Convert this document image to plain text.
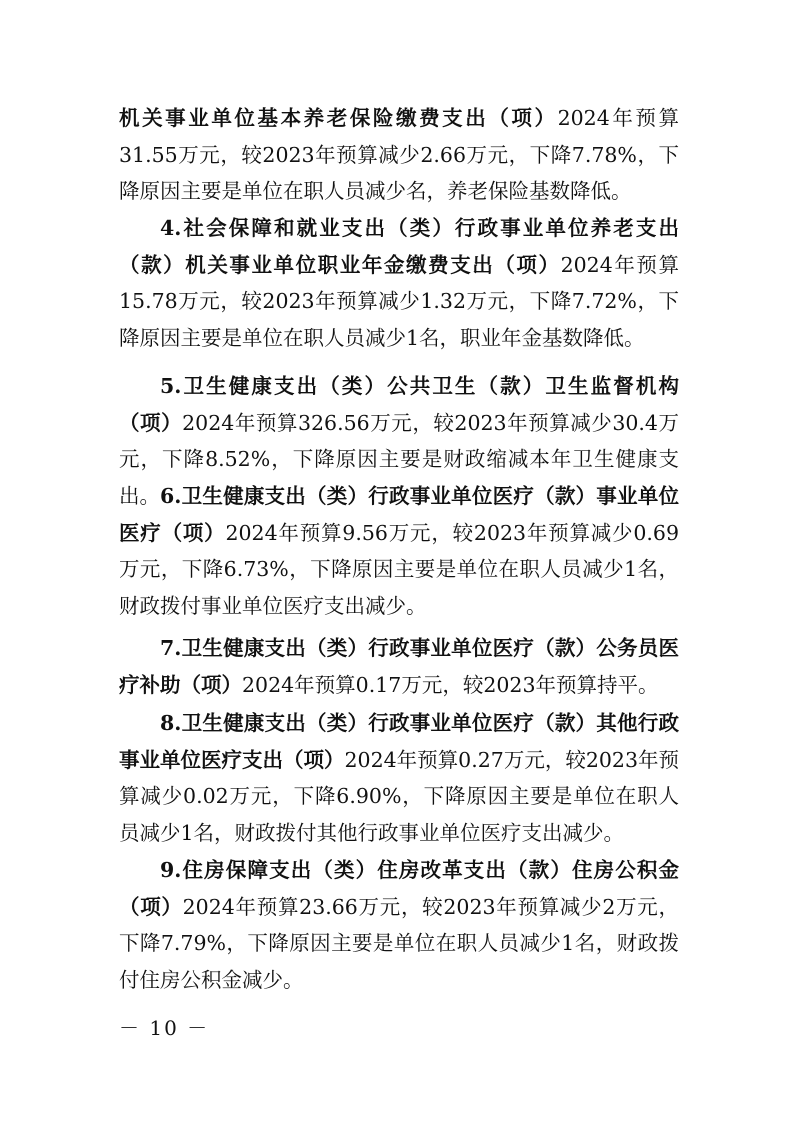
机关事业单位基本养老保险缴费支出（项）2024年预算31.55万元，较2023年预算减少2.66万元，下降7.78%，下降原因主要是单位在职人员减少名，养老保险基数降低。

4.社会保障和就业支出（类）行政事业单位养老支出（款）机关事业单位职业年金缴费支出（项）2024年预算15.78万元，较2023年预算减少1.32万元，下降7.72%，下降原因主要是单位在职人员减少1名，职业年金基数降低。

5.卫生健康支出（类）公共卫生（款）卫生监督机构（项）2024年预算326.56万元，较2023年预算减少30.4万元，下降8.52%，下降原因主要是财政缩减本年卫生健康支出。 6.卫生健康支出（类）行政事业单位医疗（款）事业单位医疗（项）2024年预算9.56万元，较2023年预算减少0.69万元，下降6.73%，下降原因主要是单位在职人员减少1名，财政拨付事业单位医疗支出减少。

7.卫生健康支出（类）行政事业单位医疗（款）公务员医疗补助（项）2024年预算0.17万元，较2023年预算持平。

8.卫生健康支出（类）行政事业单位医疗（款）其他行政事业单位医疗支出（项）2024年预算0.27万元，较2023年预算减少0.02万元，下降6.90%，下降原因主要是单位在职人员减少1名，财政拨付其他行政事业单位医疗支出减少。

9.住房保障支出（类）住房改革支出（款）住房公积金（项）2024年预算23.66万元，较2023年预算减少2万元，下降7.79%，下降原因主要是单位在职人员减少1名，财政拨付住房公积金减少。

－ 10 －
